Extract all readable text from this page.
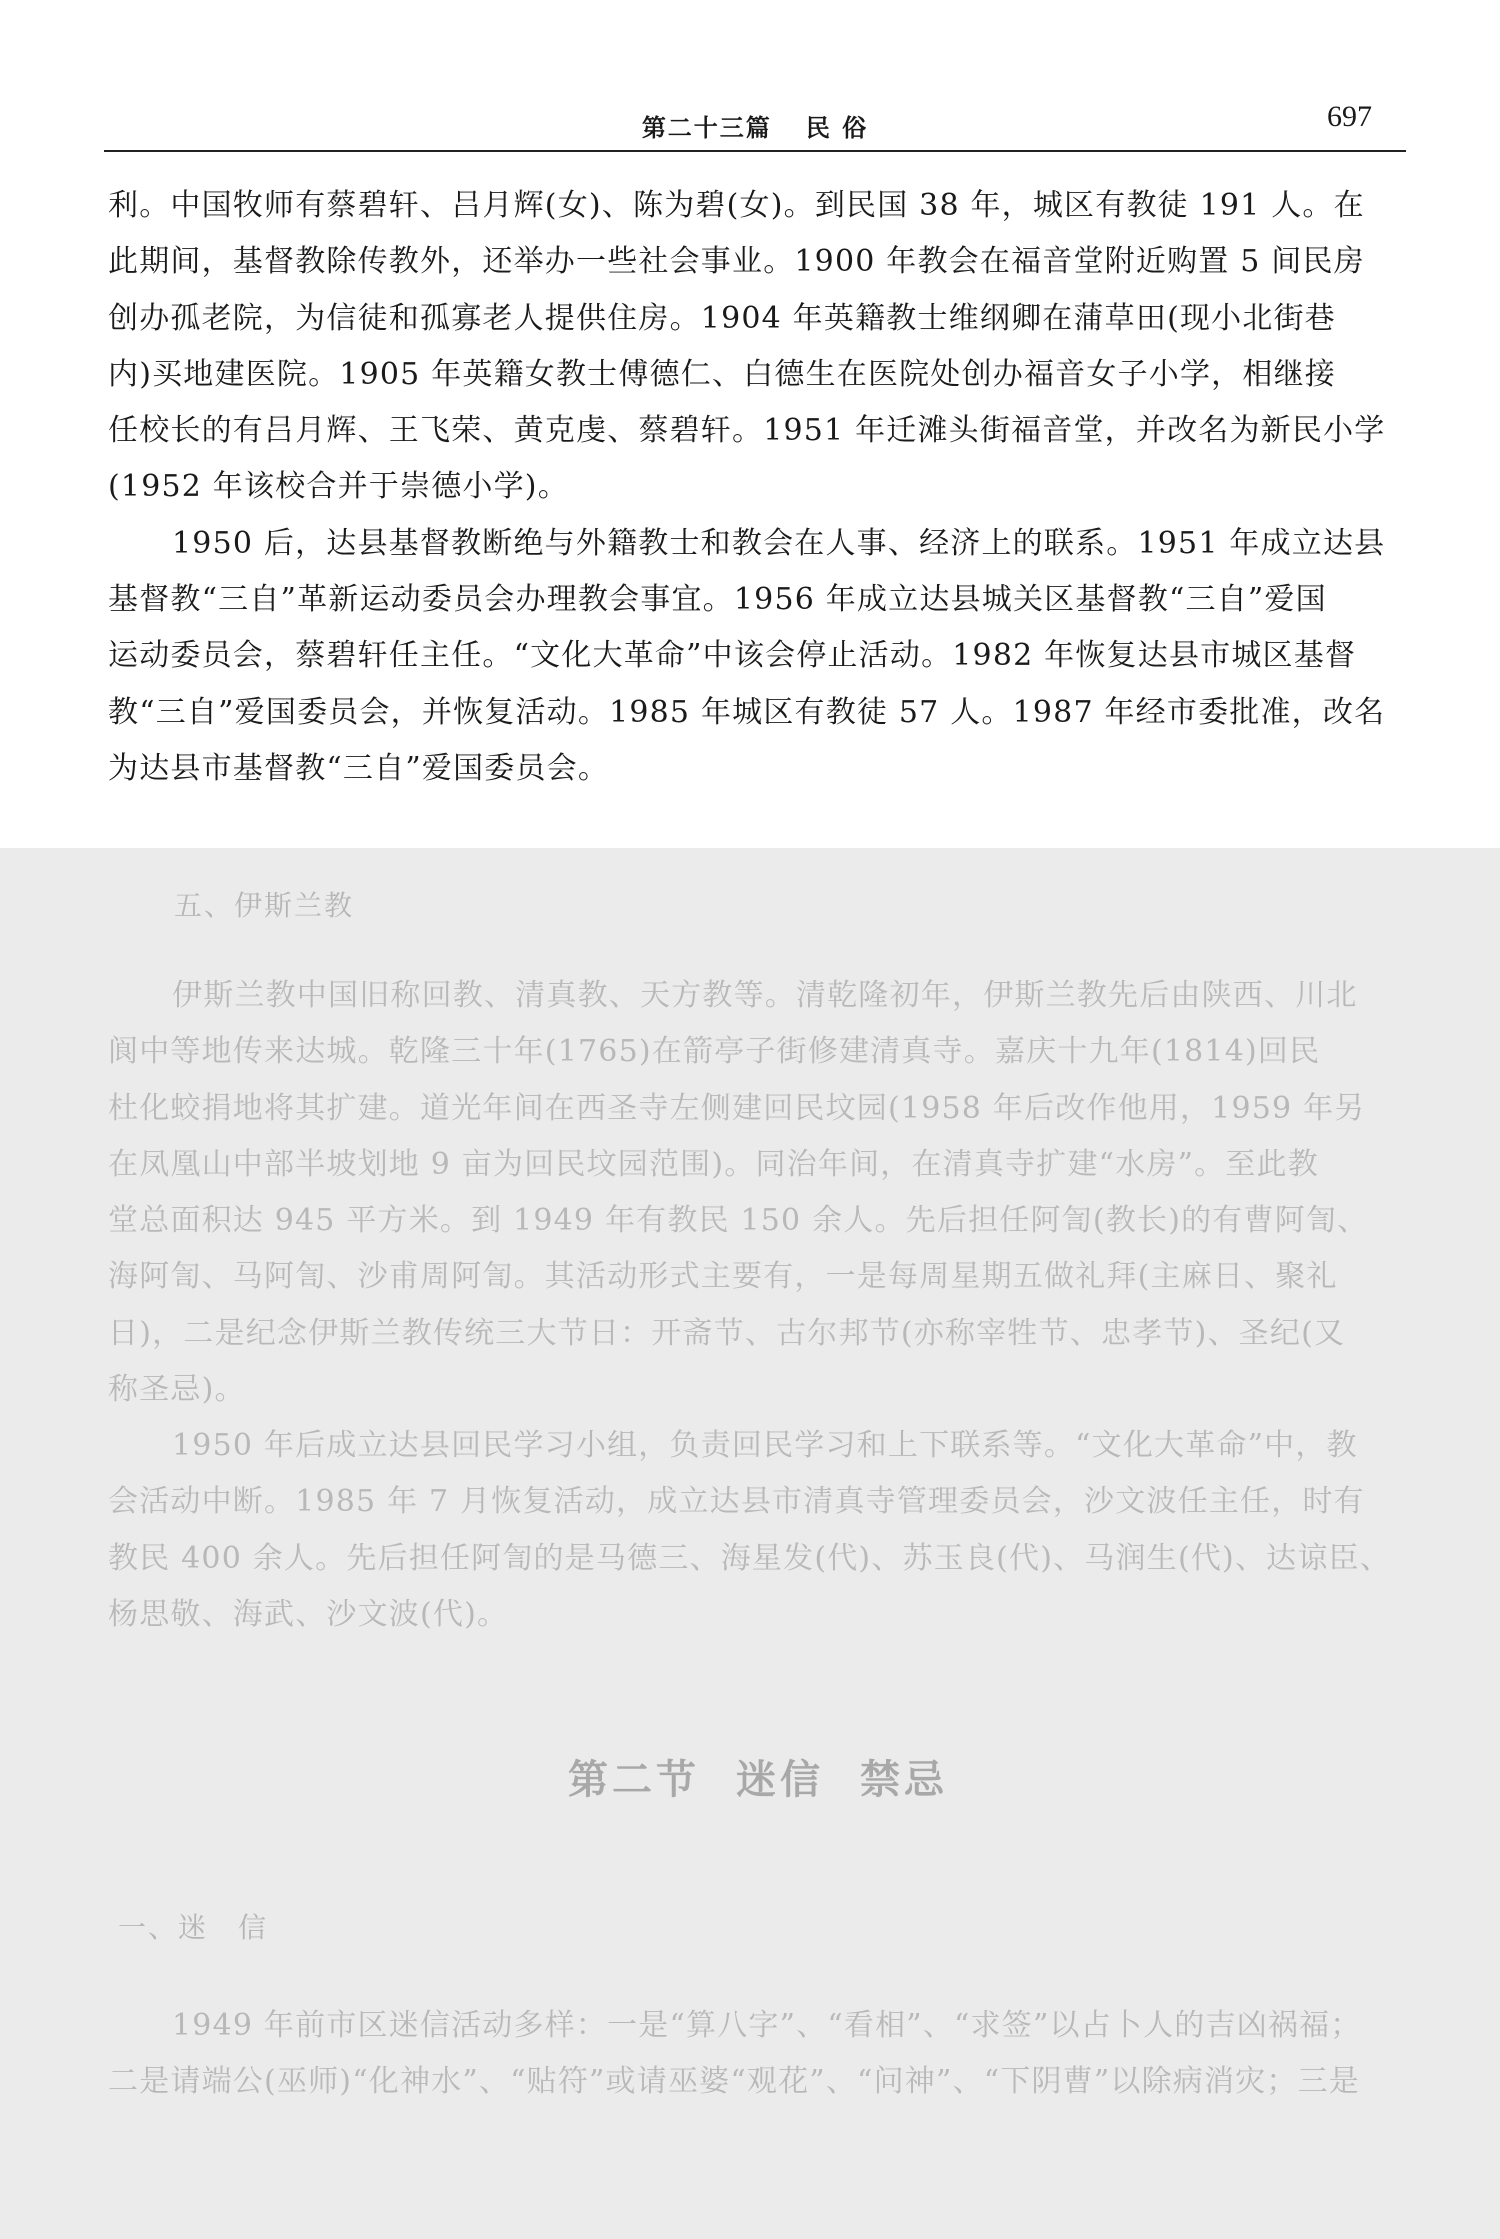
第二十三篇 民 俗	697

利。中国牧师有蔡碧轩、吕月辉(女)、陈为碧(女)。到民国 38 年，城区有教徒 191 人。在
此期间，基督教除传教外，还举办一些社会事业。1900 年教会在福音堂附近购置 5 间民房
创办孤老院，为信徒和孤寡老人提供住房。1904 年英籍教士维纲卿在蒲草田(现小北街巷
内)买地建医院。1905 年英籍女教士傅德仁、白德生在医院处创办福音女子小学，相继接
任校长的有吕月辉、王飞荣、黄克虔、蔡碧轩。1951 年迁滩头街福音堂，并改名为新民小学
(1952 年该校合并于崇德小学)。

1950 后，达县基督教断绝与外籍教士和教会在人事、经济上的联系。1951 年成立达县
基督教“三自”革新运动委员会办理教会事宜。1956 年成立达县城关区基督教“三自”爱国
运动委员会，蔡碧轩任主任。“文化大革命”中该会停止活动。1982 年恢复达县市城区基督
教“三自”爱国委员会，并恢复活动。1985 年城区有教徒 57 人。1987 年经市委批准，改名
为达县市基督教“三自”爱国委员会。

五、伊斯兰教

伊斯兰教中国旧称回教、清真教、天方教等。清乾隆初年，伊斯兰教先后由陕西、川北
阆中等地传来达城。乾隆三十年(1765)在箭亭子街修建清真寺。嘉庆十九年(1814)回民
杜化蛟捐地将其扩建。道光年间在西圣寺左侧建回民坟园(1958 年后改作他用，1959 年另
在凤凰山中部半坡划地 9 亩为回民坟园范围)。同治年间，在清真寺扩建“水房”。至此教
堂总面积达 945 平方米。到 1949 年有教民 150 余人。先后担任阿訇(教长)的有曹阿訇、
海阿訇、马阿訇、沙甫周阿訇。其活动形式主要有，一是每周星期五做礼拜(主麻日、聚礼
日)，二是纪念伊斯兰教传统三大节日：开斋节、古尔邦节(亦称宰牲节、忠孝节)、圣纪(又
称圣忌)。

1950 年后成立达县回民学习小组，负责回民学习和上下联系等。“文化大革命”中，教
会活动中断。1985 年 7 月恢复活动，成立达县市清真寺管理委员会，沙文波任主任，时有
教民 400 余人。先后担任阿訇的是马德三、海星发(代)、苏玉良(代)、马润生(代)、达谅臣、
杨思敬、海武、沙文波(代)。

第二节 迷信 禁忌
一、迷　信

1949 年前市区迷信活动多样：一是“算八字”、“看相”、“求签”以占卜人的吉凶祸福；
二是请端公(巫师)“化神水”、“贴符”或请巫婆“观花”、“问神”、“下阴曹”以除病消灾；三是
